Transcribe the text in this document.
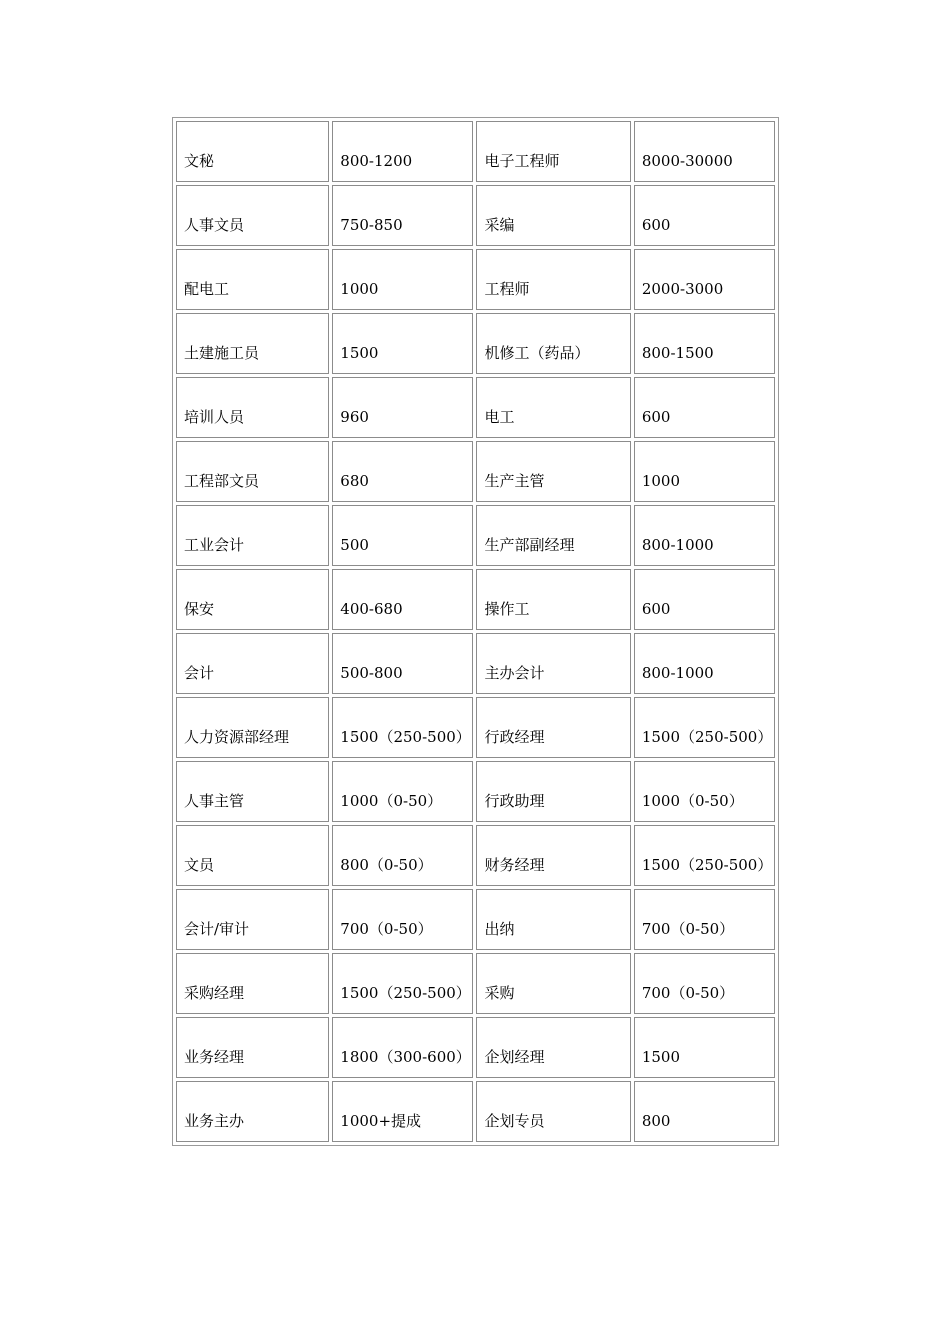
文秘	800-1200	电子工程师	8000-30000
人事文员	750-850	采编	600
配电工	1000	工程师	2000-3000
土建施工员	1500	机修工（药品）	800-1500
培训人员	960	电工	600
工程部文员	680	生产主管	1000
工业会计	500	生产部副经理	800-1000
保安	400-680	操作工	600
会计	500-800	主办会计	800-1000
人力资源部经理	1500（250-500）	行政经理	1500（250-500）
人事主管	1000（0-50）	行政助理	1000（0-50）
文员	800（0-50）	财务经理	1500（250-500）
会计/审计	700（0-50）	出纳	700（0-50）
采购经理	1500（250-500）	采购	700（0-50）
业务经理	1800（300-600）	企划经理	1500
业务主办	1000+提成	企划专员	800
